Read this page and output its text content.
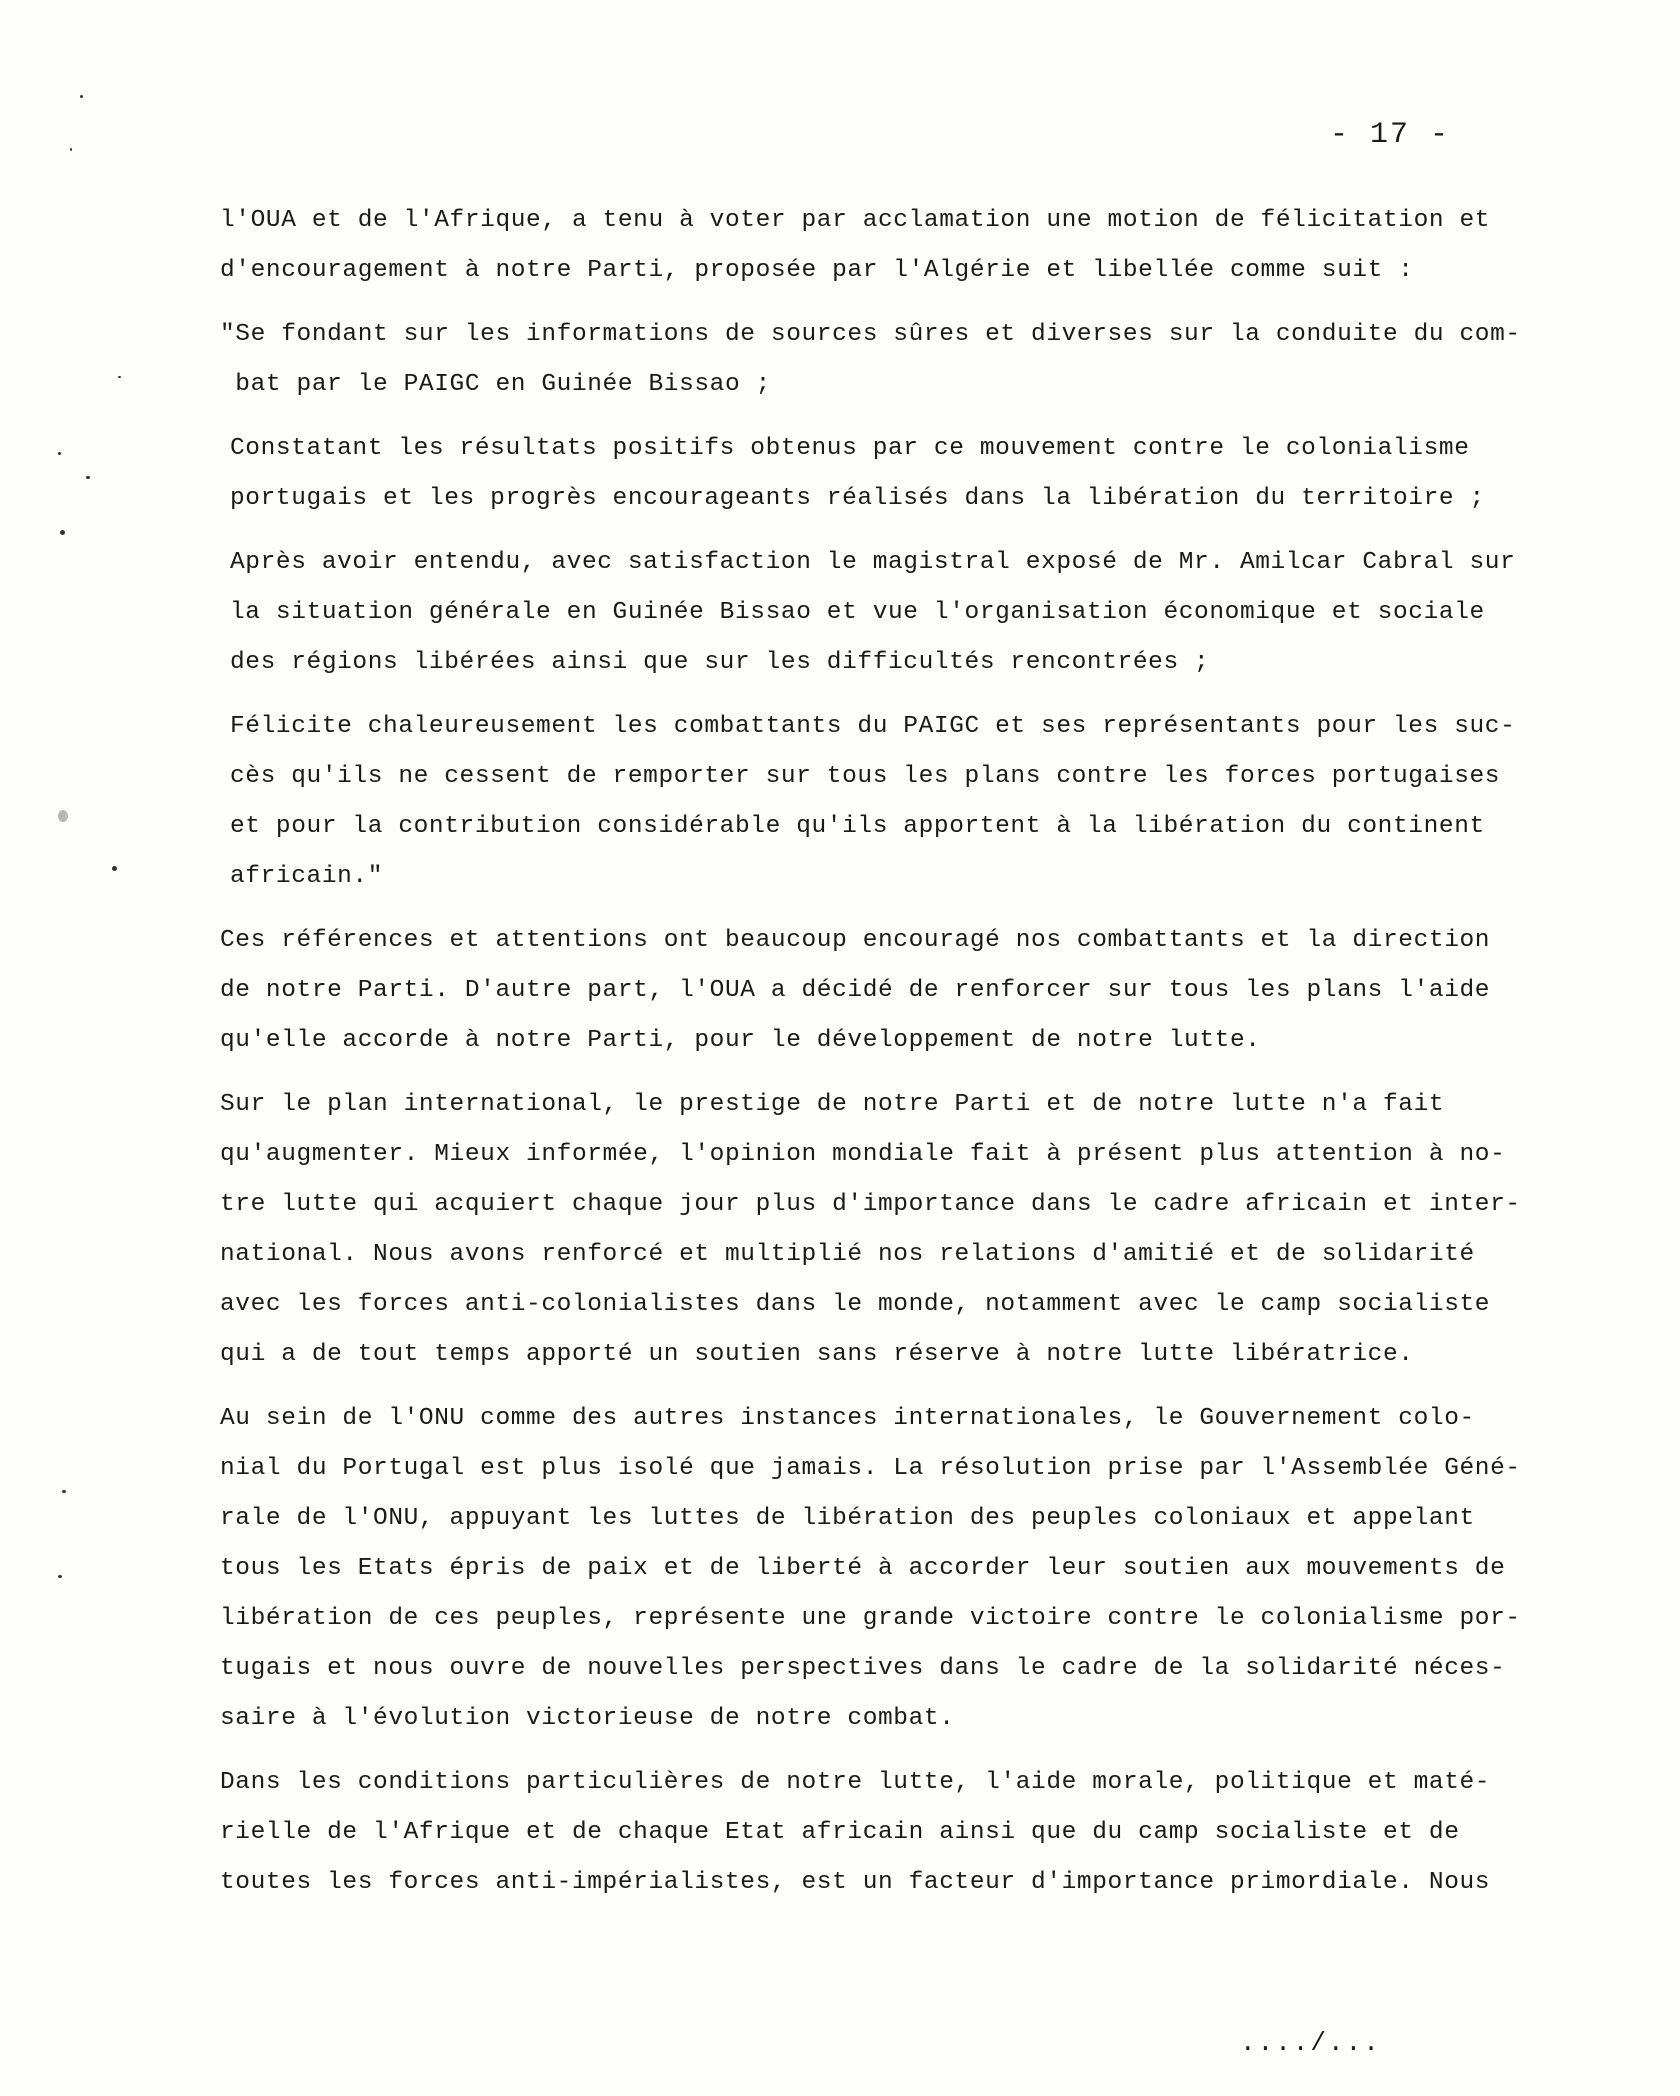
- 17 -
l'OUA et de l'Afrique, a tenu à voter par acclamation une motion de félicitation et
d'encouragement à notre Parti, proposée par l'Algérie et libellée comme suit :
"Se fondant sur les informations de sources sûres et diverses sur la conduite du com-
bat par le PAIGC en Guinée Bissao ;
Constatant les résultats positifs obtenus par ce mouvement contre le colonialisme
portugais et les progrès encourageants réalisés dans la libération du territoire ;
Après avoir entendu, avec satisfaction le magistral exposé de Mr. Amilcar Cabral sur
la situation générale en Guinée Bissao et vue l'organisation économique et sociale
des régions libérées ainsi que sur les difficultés rencontrées ;
Félicite chaleureusement les combattants du PAIGC et ses représentants pour les suc-
cès qu'ils ne cessent de remporter sur tous les plans contre les forces portugaises
et pour la contribution considérable qu'ils apportent à la libération du continent
africain."
Ces références et attentions ont beaucoup encouragé nos combattants et la direction
de notre Parti. D'autre part, l'OUA a décidé de renforcer sur tous les plans l'aide
qu'elle accorde à notre Parti, pour le développement de notre lutte.
Sur le plan international, le prestige de notre Parti et de notre lutte n'a fait
qu'augmenter. Mieux informée, l'opinion mondiale fait à présent plus attention à no-
tre lutte qui acquiert chaque jour plus d'importance dans le cadre africain et inter-
national. Nous avons renforcé et multiplié nos relations d'amitié et de solidarité
avec les forces anti-colonialistes dans le monde, notamment avec le camp socialiste
qui a de tout temps apporté un soutien sans réserve à notre lutte libératrice.
Au sein de l'ONU comme des autres instances internationales, le Gouvernement colo-
nial du Portugal est plus isolé que jamais. La résolution prise par l'Assemblée Géné-
rale de l'ONU, appuyant les luttes de libération des peuples coloniaux et appelant
tous les Etats épris de paix et de liberté à accorder leur soutien aux mouvements de
libération de ces peuples, représente une grande victoire contre le colonialisme por-
tugais et nous ouvre de nouvelles perspectives dans le cadre de la solidarité néces-
saire à l'évolution victorieuse de notre combat.
Dans les conditions particulières de notre lutte, l'aide morale, politique et maté-
rielle de l'Afrique et de chaque Etat africain ainsi que du camp socialiste et de
toutes les forces anti-impérialistes, est un facteur d'importance primordiale. Nous
..../...
